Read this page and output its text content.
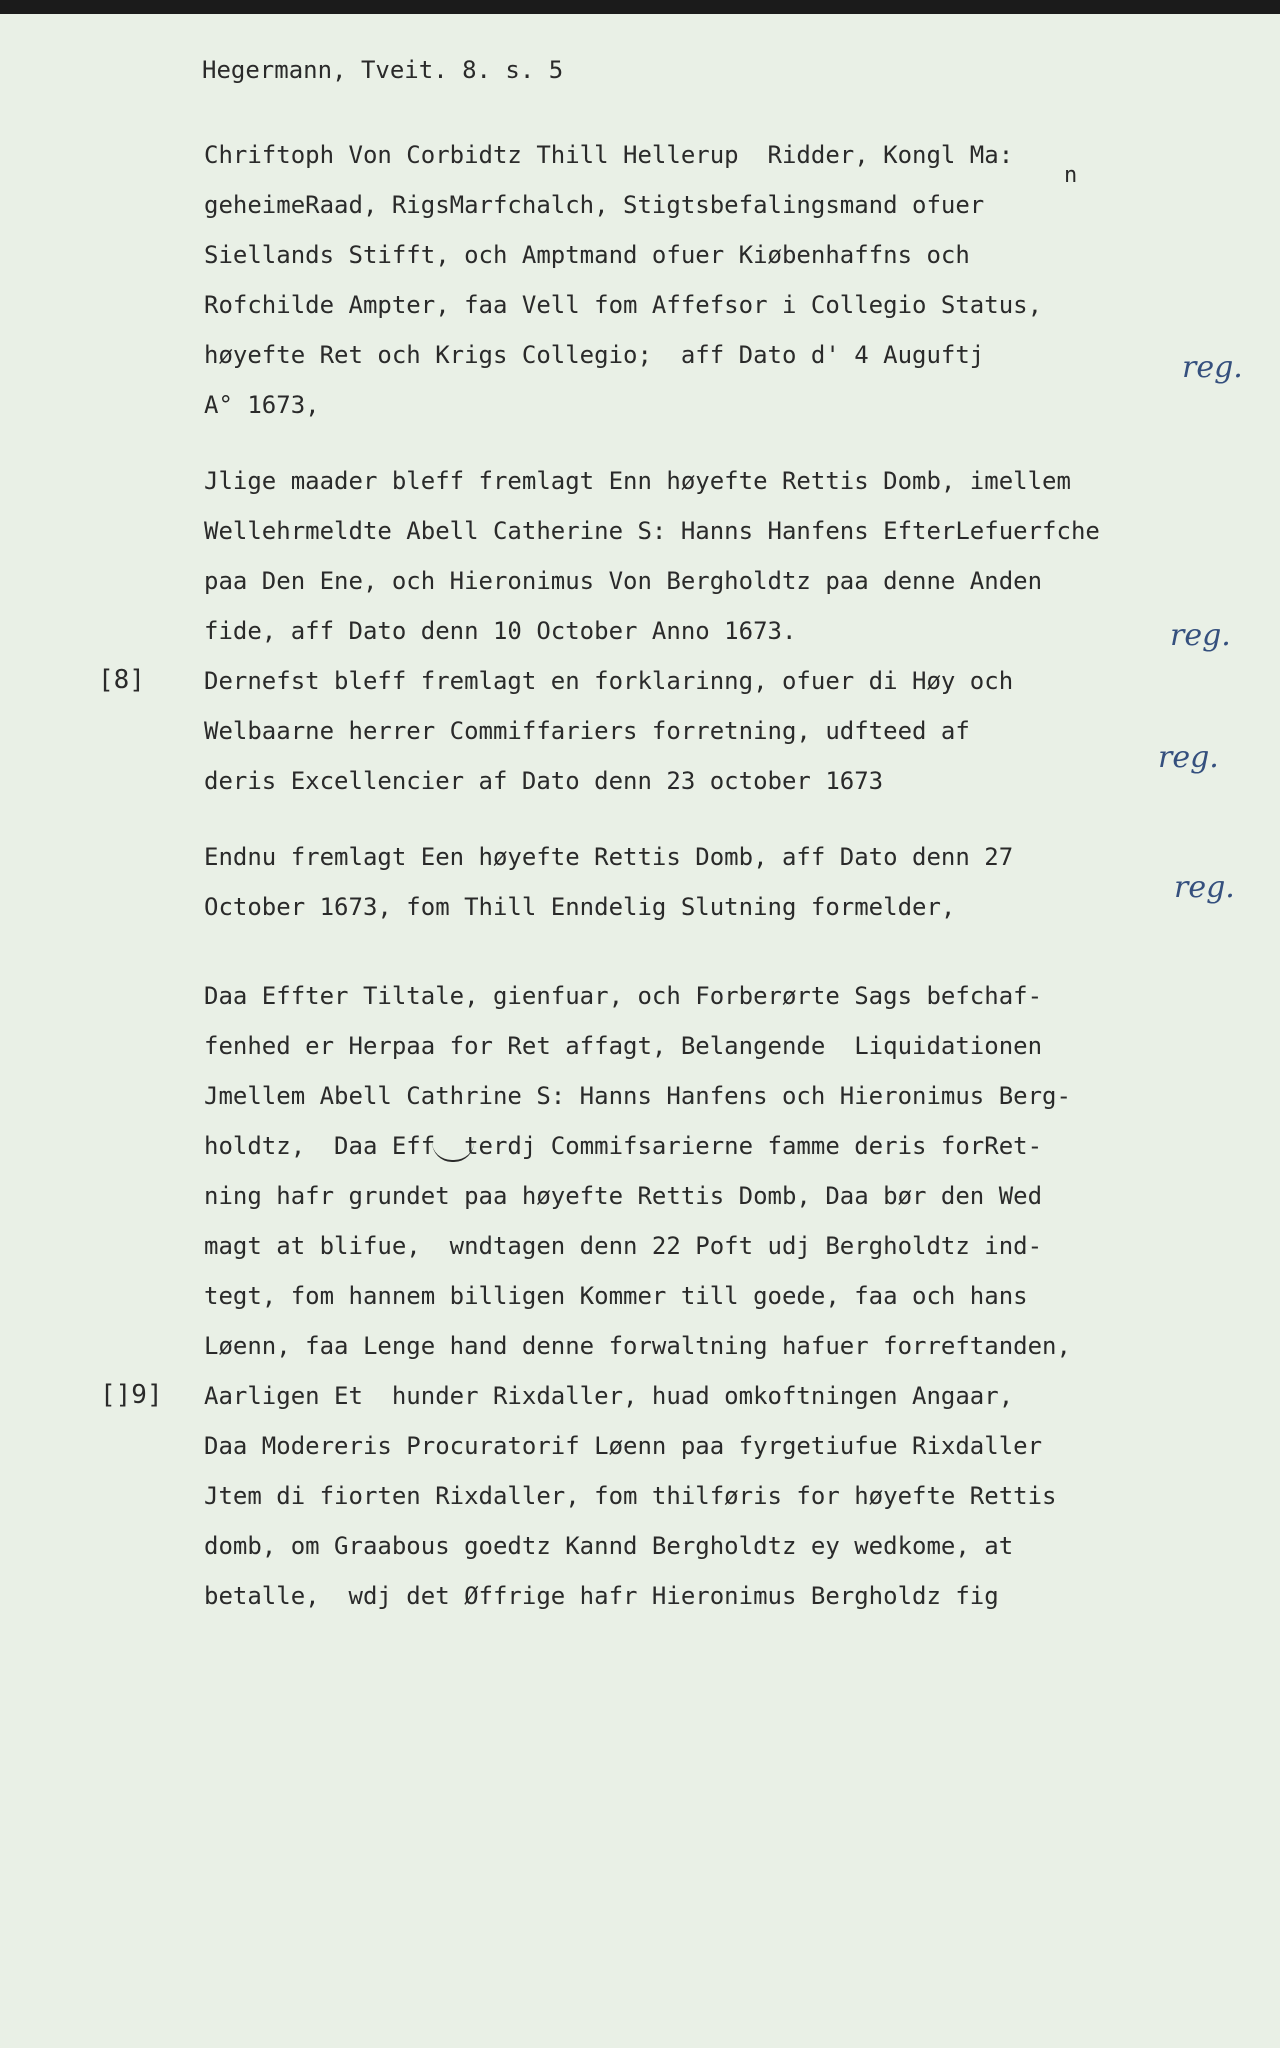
Hegermann, Tveit. 8. s. 5
Chriftoph Von Corbidtz Thill Hellerup  Ridder, Kongl Ma:
n
geheimeRaad, RigsMarfchalch, Stigtsbefalingsmand ofuer
Siellands Stifft, och Amptmand ofuer Kiøbenhaffns och
Rofchilde Ampter, faa Vell fom Affefsor i Collegio Status,
høyefte Ret och Krigs Collegio;  aff Dato d' 4 Auguftj
A° 1673,
Jlige maader bleff fremlagt Enn høyefte Rettis Domb, imellem
Wellehrmeldte Abell Catherine S: Hanns Hanfens EfterLefuerfche
paa Den Ene, och Hieronimus Von Bergholdtz paa denne Anden
fide, aff Dato denn 10 October Anno 1673.
Dernefst bleff fremlagt en forklarinng, ofuer di Høy och
Welbaarne herrer Commiffariers forretning, udfteed af
deris Excellencier af Dato denn 23 october 1673
Endnu fremlagt Een høyefte Rettis Domb, aff Dato denn 27
October 1673, fom Thill Enndelig Slutning formelder,
Daa Effter Tiltale, gienfuar, och Forberørte Sags befchaf-
fenhed er Herpaa for Ret affagt, Belangende  Liquidationen
Jmellem Abell Cathrine S: Hanns Hanfens och Hieronimus Berg-
holdtz,  Daa Eff  terdj Commifsarierne famme deris forRet-
ning hafr grundet paa høyefte Rettis Domb, Daa bør den Wed
magt at blifue,  wndtagen denn 22 Poft udj Bergholdtz ind-
tegt, fom hannem billigen Kommer till goede, faa och hans
Løenn, faa Lenge hand denne forwaltning hafuer forreftanden,
Aarligen Et  hunder Rixdaller, huad omkoftningen Angaar,
Daa Modereris Procuratorif Løenn paa fyrgetiufue Rixdaller
Jtem di fiorten Rixdaller, fom thilføris for høyefte Rettis
domb, om Graabous goedtz Kannd Bergholdtz ey wedkome, at
betalle,  wdj det Øffrige hafr Hieronimus Bergholdz fig
[8]
[]9]
reg.
reg.
reg.
reg.
